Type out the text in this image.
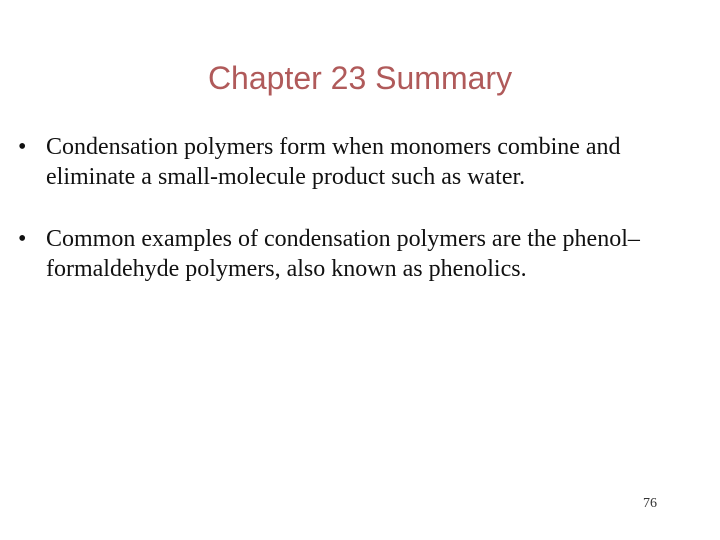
Chapter 23 Summary
• Condensation polymers form when monomers combine and eliminate a small-molecule product such as water.
• Common examples of condensation polymers are the phenol–formaldehyde polymers, also known as phenolics.
76
